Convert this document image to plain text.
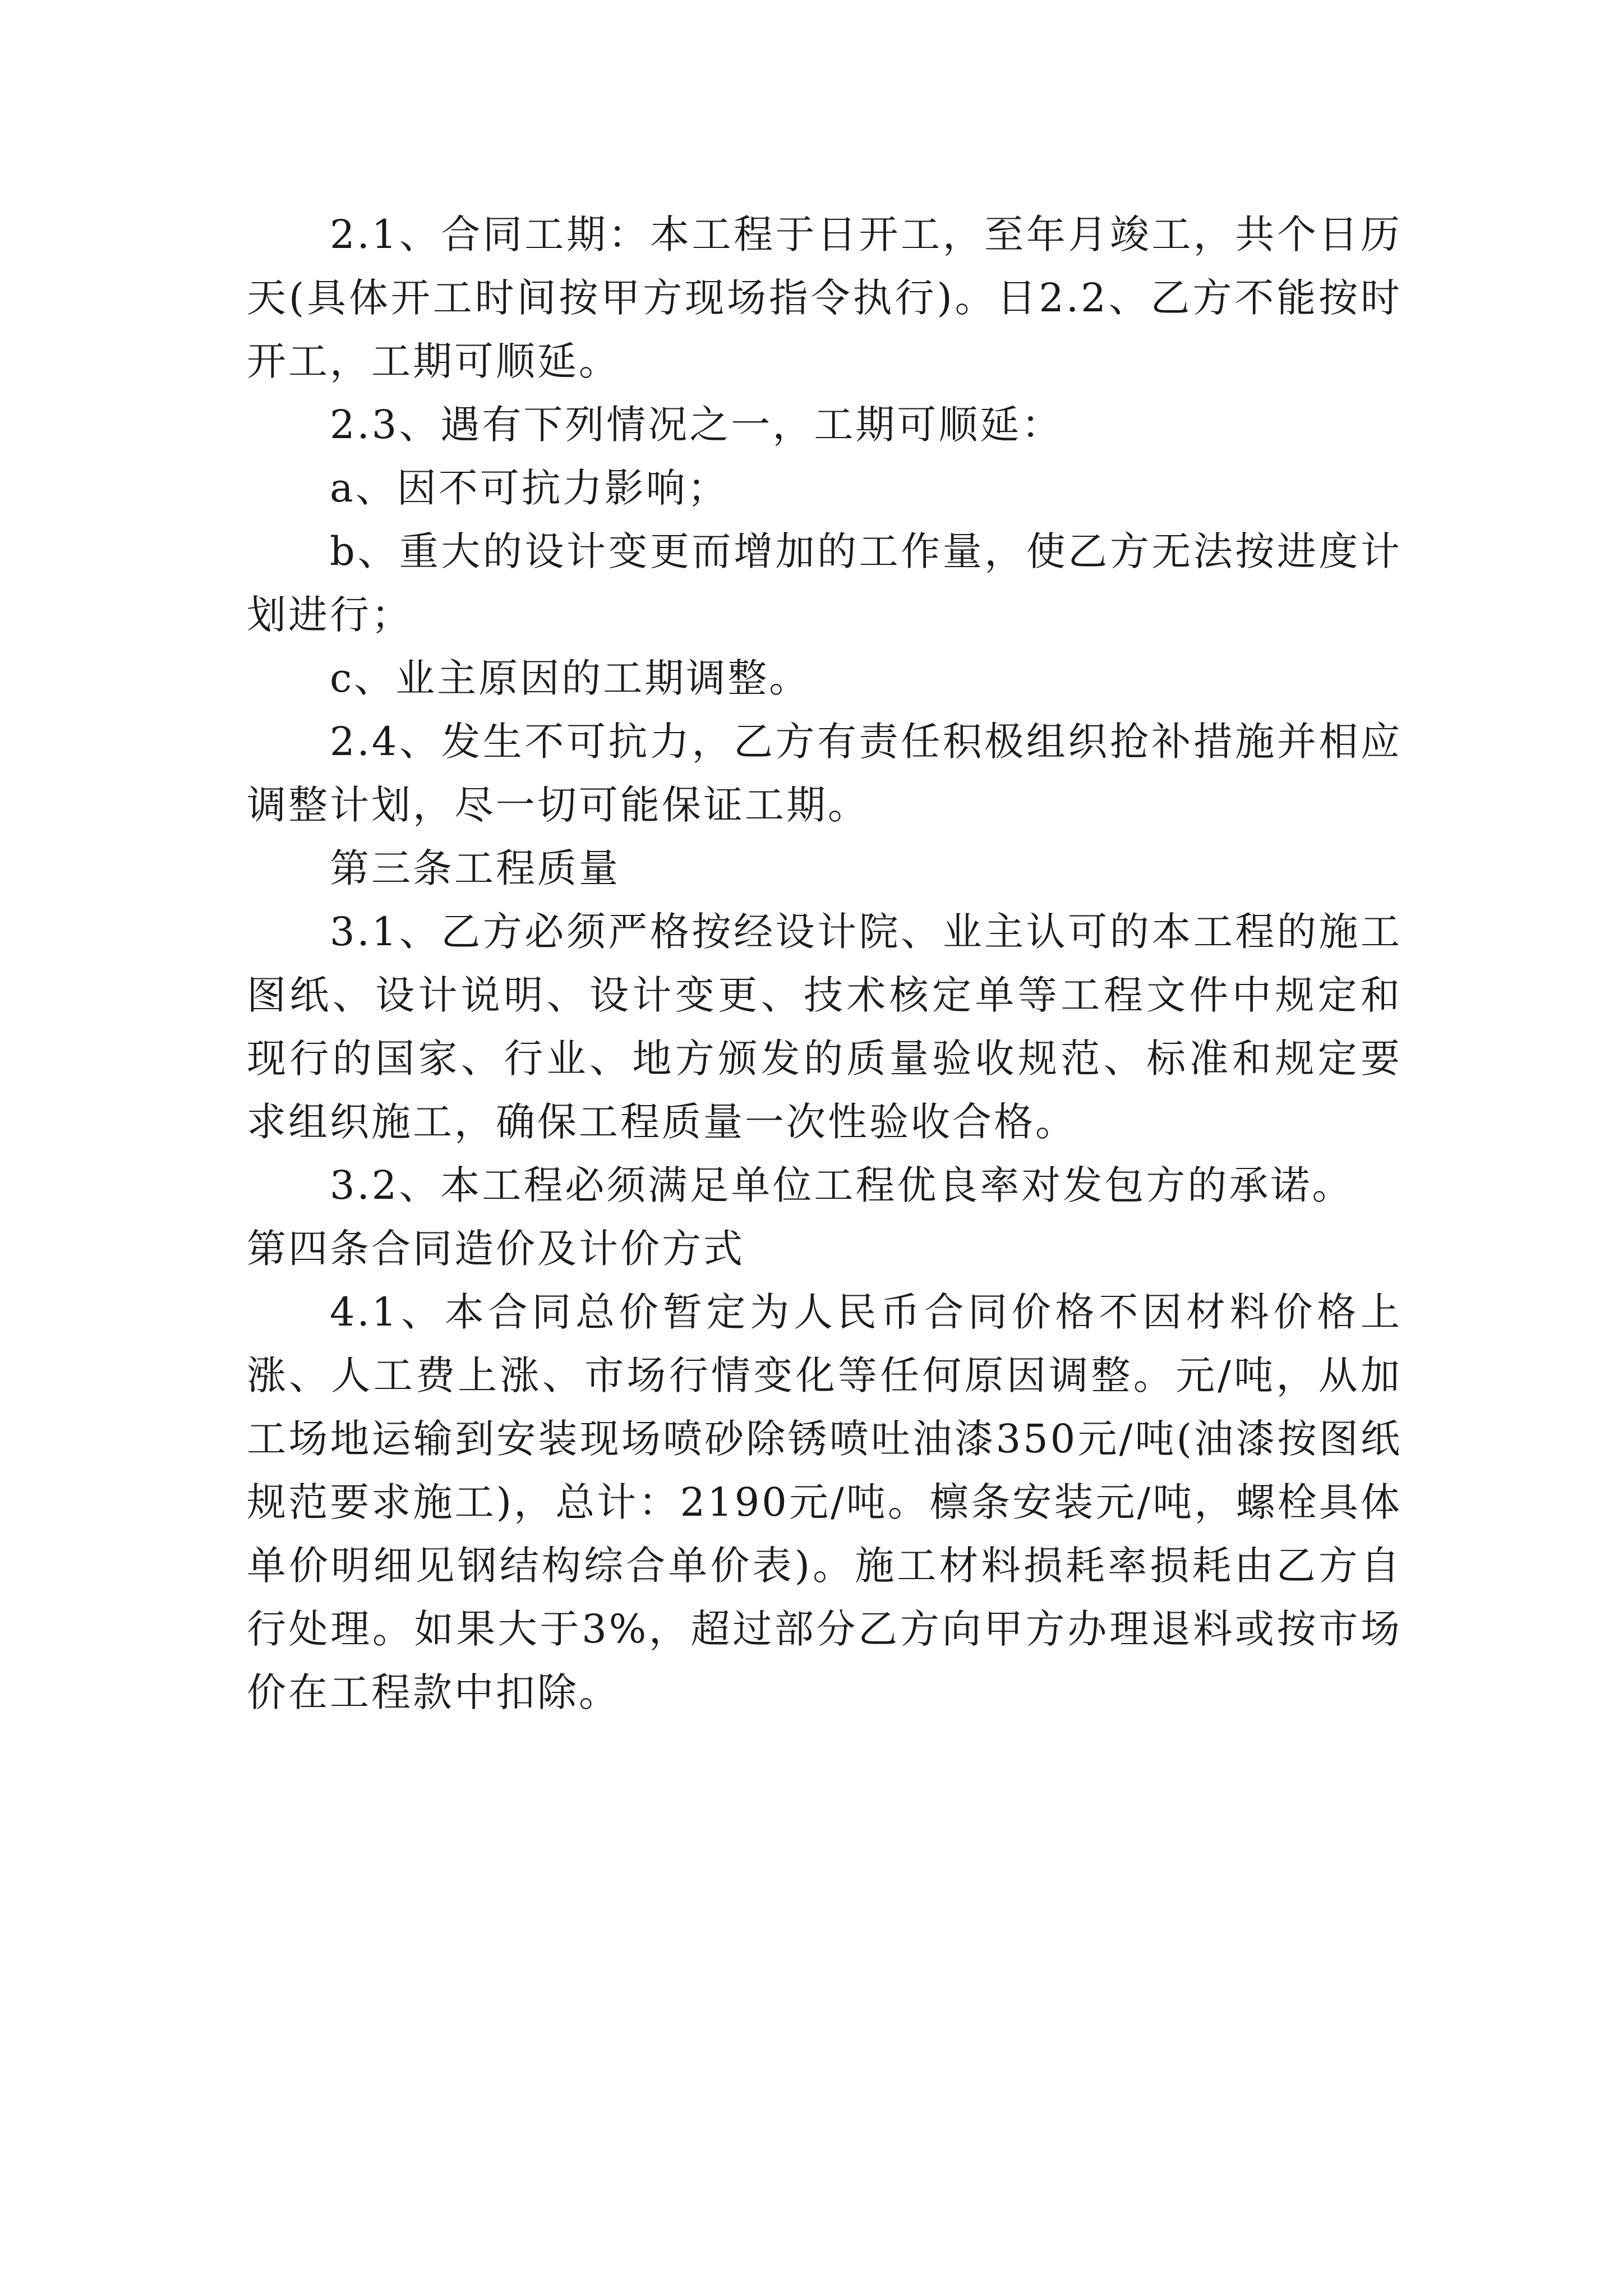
2.1、合同工期：本工程于日开工，至年月竣工，共个日历天(具体开工时间按甲方现场指令执行)。日2.2、乙方不能按时开工，工期可顺延。

2.3、遇有下列情况之一，工期可顺延：

a、因不可抗力影响；

b、重大的设计变更而增加的工作量，使乙方无法按进度计划进行；

c、业主原因的工期调整。

2.4、发生不可抗力，乙方有责任积极组织抢补措施并相应调整计划，尽一切可能保证工期。

第三条工程质量

3.1、乙方必须严格按经设计院、业主认可的本工程的施工图纸、设计说明、设计变更、技术核定单等工程文件中规定和现行的国家、行业、地方颁发的质量验收规范、标准和规定要求组织施工，确保工程质量一次性验收合格。

3.2、本工程必须满足单位工程优良率对发包方的承诺。

第四条合同造价及计价方式

4.1、本合同总价暂定为人民币合同价格不因材料价格上涨、人工费上涨、市场行情变化等任何原因调整。元/吨，从加工场地运输到安装现场喷砂除锈喷吐油漆350元/吨(油漆按图纸规范要求施工)，总计：2190元/吨。檩条安装元/吨，螺栓具体单价明细见钢结构综合单价表)。施工材料损耗率损耗由乙方自行处理。如果大于3%，超过部分乙方向甲方办理退料或按市场价在工程款中扣除。
